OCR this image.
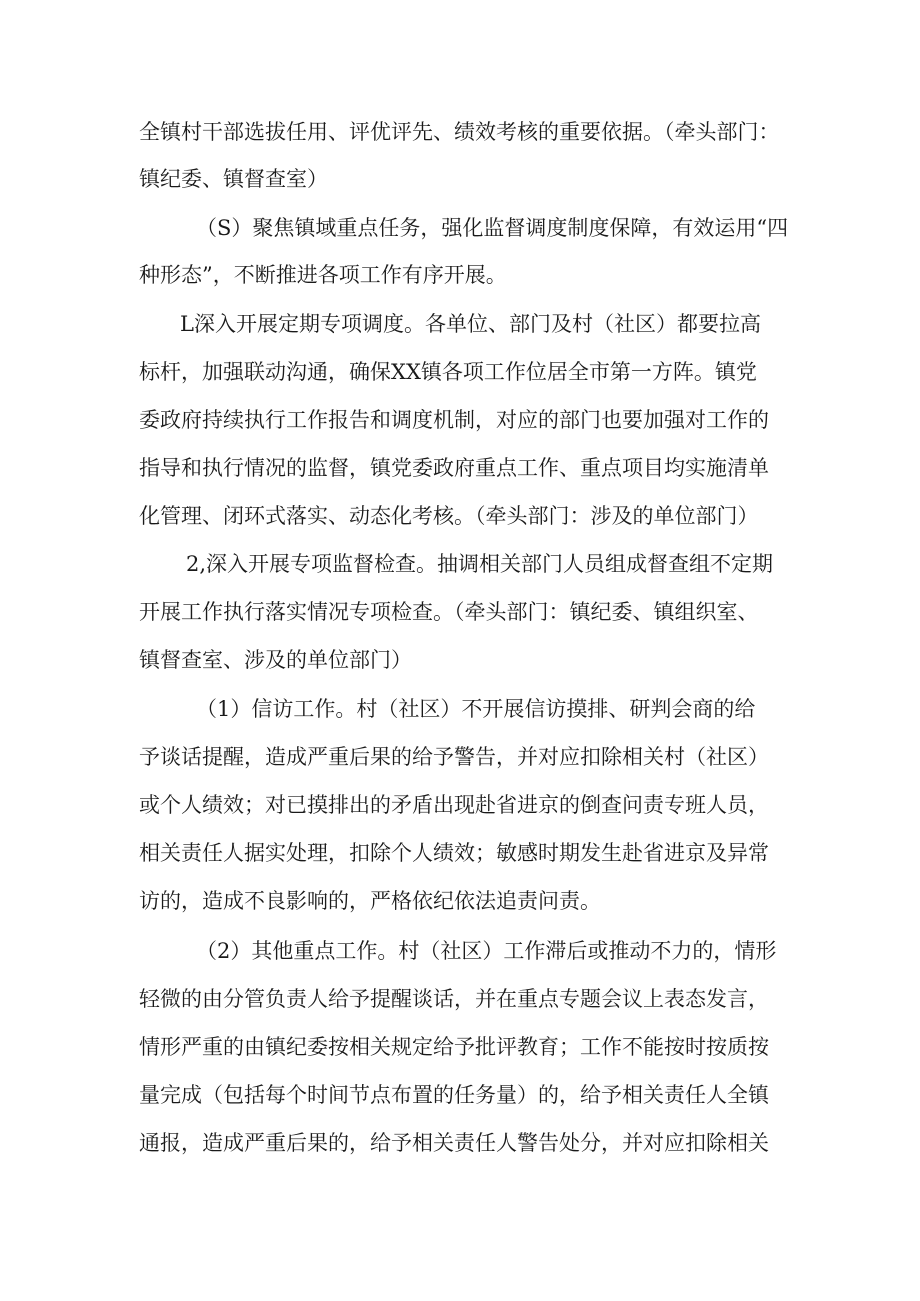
全镇村干部选拔任用、评优评先、绩效考核的重要依据。（牵头部门：
镇纪委、镇督查室）
（S）聚焦镇域重点任务，强化监督调度制度保障，有效运用“四
种形态”，不断推进各项工作有序开展。
L深入开展定期专项调度。各单位、部门及村（社区）都要拉高
标杆，加强联动沟通，确保XX镇各项工作位居全市第一方阵。镇党
委政府持续执行工作报告和调度机制，对应的部门也要加强对工作的
指导和执行情况的监督，镇党委政府重点工作、重点项目均实施清单
化管理、闭环式落实、动态化考核。（牵头部门：涉及的单位部门）
2,深入开展专项监督检查。抽调相关部门人员组成督查组不定期
开展工作执行落实情况专项检查。（牵头部门：镇纪委、镇组织室、
镇督查室、涉及的单位部门）
（1）信访工作。村（社区）不开展信访摸排、研判会商的给
予谈话提醒，造成严重后果的给予警告，并对应扣除相关村（社区）
或个人绩效；对已摸排出的矛盾出现赴省进京的倒查问责专班人员，
相关责任人据实处理，扣除个人绩效；敏感时期发生赴省进京及异常
访的，造成不良影响的，严格依纪依法追责问责。
（2）其他重点工作。村（社区）工作滞后或推动不力的，情形
轻微的由分管负责人给予提醒谈话，并在重点专题会议上表态发言，
情形严重的由镇纪委按相关规定给予批评教育；工作不能按时按质按
量完成（包括每个时间节点布置的任务量）的，给予相关责任人全镇
通报，造成严重后果的，给予相关责任人警告处分，并对应扣除相关
